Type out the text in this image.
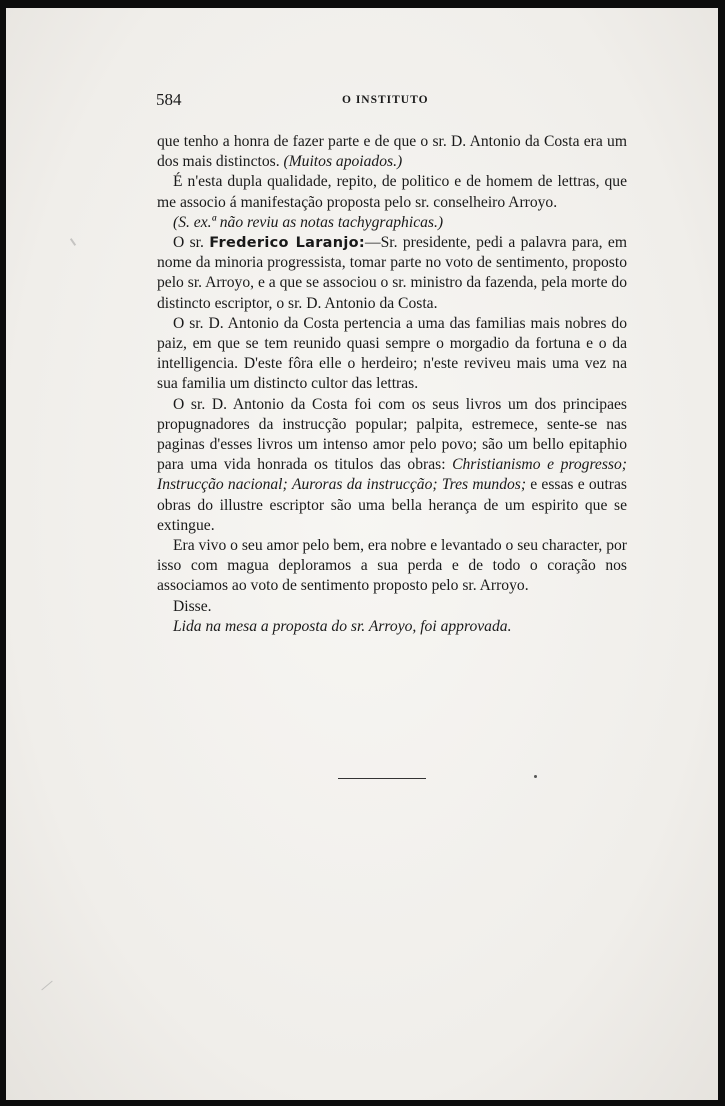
584	O INSTITUTO

que tenho a honra de fazer parte e de que o sr. D. Antonio da Costa era um dos mais distinctos. (Muitos apoiados.)

É n'esta dupla qualidade, repito, de politico e de homem de lettras, que me associo á manifestação proposta pelo sr. conselheiro Arroyo.

(S. ex.ª não reviu as notas tachygraphicas.)

O sr. Frederico Laranjo:—Sr. presidente, pedi a palavra para, em nome da minoria progressista, tomar parte no voto de sentimento, proposto pelo sr. Arroyo, e a que se associou o sr. ministro da fazenda, pela morte do distincto escriptor, o sr. D. Antonio da Costa.

O sr. D. Antonio da Costa pertencia a uma das familias mais nobres do paiz, em que se tem reunido quasi sempre o morgadio da fortuna e o da intelligencia. D'este fôra elle o herdeiro; n'este reviveu mais uma vez na sua familia um distincto cultor das lettras.

O sr. D. Antonio da Costa foi com os seus livros um dos principaes propugnadores da instrucção popular; palpita, estremece, sente-se nas paginas d'esses livros um intenso amor pelo povo; são um bello epitaphio para uma vida honrada os titulos das obras: Christianismo e progresso; Instrucção nacional; Auroras da instrucção; Tres mundos; e essas e outras obras do illustre escriptor são uma bella herança de um espirito que se extingue.

Era vivo o seu amor pelo bem, era nobre e levantado o seu character, por isso com magua deploramos a sua perda e de todo o coração nos associamos ao voto de sentimento proposto pelo sr. Arroyo.

Disse.

Lida na mesa a proposta do sr. Arroyo, foi approvada.
